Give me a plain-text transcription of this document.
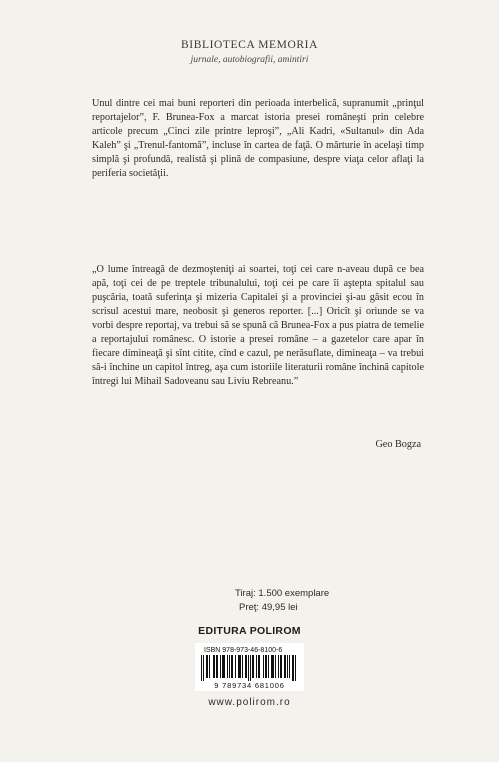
BIBLIOTECA MEMORIA
jurnale, autobiografii, amintiri

Unul dintre cei mai buni reporteri din perioada interbelică, supranumit „prinţul reportajelor”, F. Brunea-Fox a marcat istoria presei româneşti prin celebre articole precum „Cinci zile printre leproşi”, „Ali Kadri, «Sultanul» din Ada Kaleh” şi „Trenul-fantomă”, incluse în cartea de faţă. O mărturie în acelaşi timp simplă şi profundă, realistă şi plină de compasiune, despre viaţa celor aflaţi la periferia societăţii.

„O lume întreagă de dezmoşteniţi ai soartei, toţi cei care n-aveau după ce bea apă, toţi cei de pe treptele tribunalului, toţi cei pe care îi aştepta spitalul sau puşcăria, toată suferinţa şi mizeria Capitalei şi a provinciei şi-au găsit ecou în scrisul acestui mare, neobosit şi generos reporter. [...] Oricît şi oriunde se va vorbi despre reportaj, va trebui să se spună că Brunea-Fox a pus piatra de temelie a reportajului românesc. O istorie a presei române – a gazetelor care apar în fiecare dimineaţă şi sînt citite, cînd e cazul, pe nerăsuflate, dimineaţa – va trebui să-i închine un capitol întreg, aşa cum istoriile literaturii române închină capitole întregi lui Mihail Sadoveanu sau Liviu Rebreanu.”

Geo Bogza
Tiraj: 1.500 exemplare
Preţ: 49,95 lei
EDITURA POLIROM
ISBN 978-973-46-8100-6
9 789734 681006
www.polirom.ro
